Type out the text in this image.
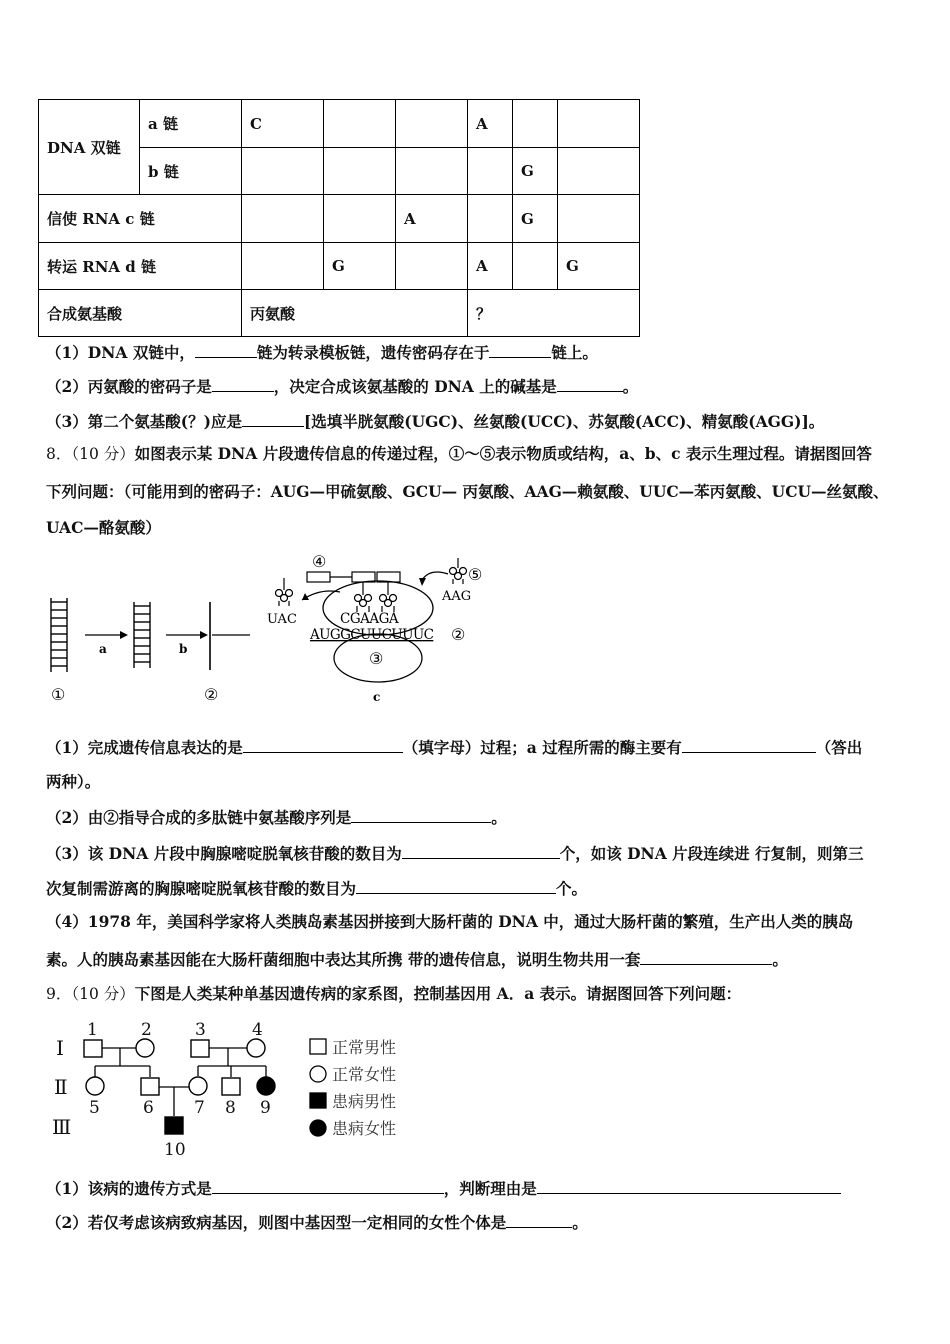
DNA 双链	a 链	C			A		
	b 链					G	
信使 RNA c 链				A		G	
转运 RNA d 链			G		A		G
合成氨基酸		丙氨酸			？		
（1）DNA 双链中，	链为转录模板链，遗传密码存在于	链上。
（2）丙氨酸的密码子是	，决定合成该氨基酸的 DNA 上的碱基是	。
（3）第二个氨基酸(？)应是	[选填半胱氨酸(UGC)、丝氨酸(UCC)、苏氨酸(ACC)、精氨酸(AGG)]。
8．（10 分）如图表示某 DNA 片段遗传信息的传递过程，①～⑤表示物质或结构，a、b、c 表示生理过程。请据图回答
下列问题：（可能用到的密码子：AUG—甲硫氨酸、GCU— 丙氨酸、AAG—赖氨酸、UUC—苯丙氨酸、UCU—丝氨酸、
UAC—酪氨酸）
①
a	b
②
③
c
④
CGAAGA
AUGGCUUCUUUC ②
UAC
⑤
AAG
（1）完成遗传信息表达的是	（填字母）过程；a 过程所需的酶主要有	（答出
两种）。
（2）由②指导合成的多肽链中氨基酸序列是	。
（3）该 DNA 片段中胸腺嘧啶脱氧核苷酸的数目为	个，如该 DNA 片段连续进 行复制，则第三
次复制需游离的胸腺嘧啶脱氧核苷酸的数目为	个。
（4）1978 年，美国科学家将人类胰岛素基因拼接到大肠杆菌的 DNA 中，通过大肠杆菌的繁殖，生产出人类的胰岛
素。人的胰岛素基因能在大肠杆菌细胞中表达其所携 带的遗传信息，说明生物共用一套	。
9．（10 分）下图是人类某种单基因遗传病的家系图，控制基因用 A．a 表示。请据图回答下列问题：
Ⅰ
Ⅱ
Ⅲ
1	2	3	4
5	6 7 8 9
10
正常男性
正常女性
患病男性
患病女性
（1）该病的遗传方式是	，判断理由是
（2）若仅考虑该病致病基因，则图中基因型一定相同的女性个体是	。
